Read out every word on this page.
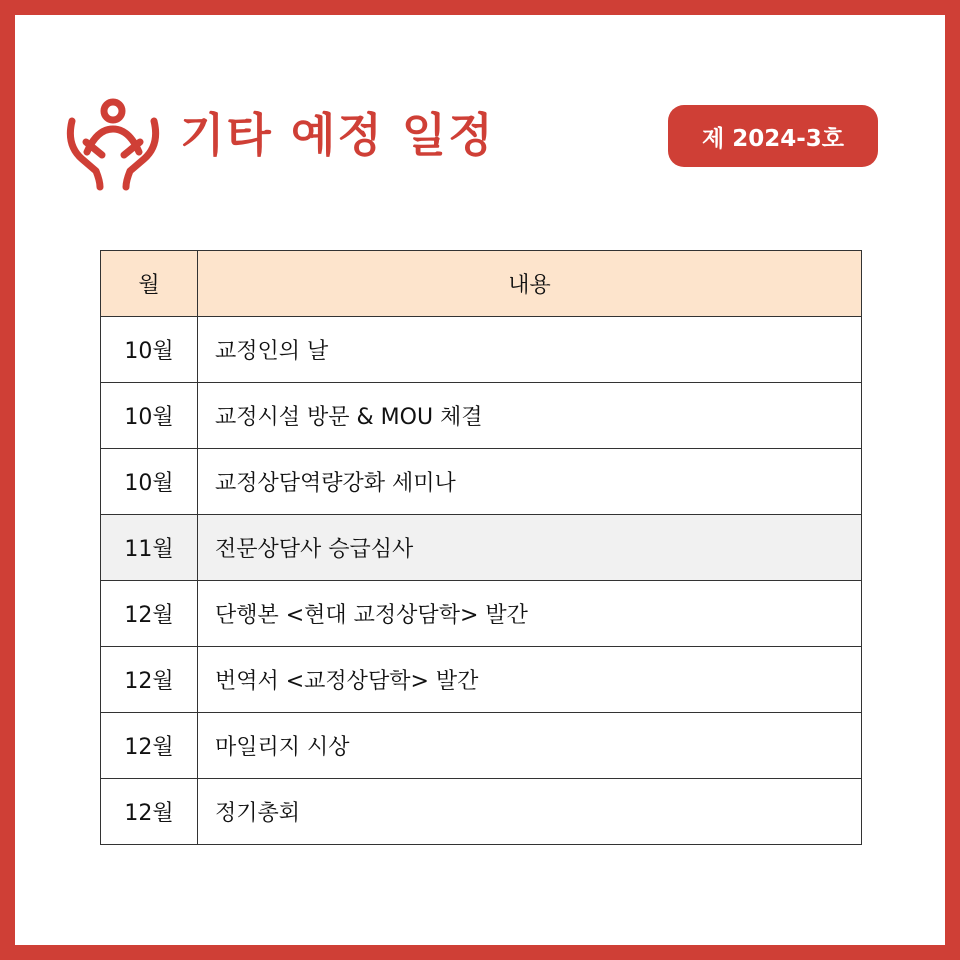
기타 예정 일정	제 2024-3호
월	내용
10월	교정인의 날
10월	교정시설 방문 & MOU 체결
10월	교정상담역량강화 세미나
11월	전문상담사 승급심사
12월	단행본 <현대 교정상담학> 발간
12월	번역서 <교정상담학> 발간
12월	마일리지 시상
12월	정기총회
